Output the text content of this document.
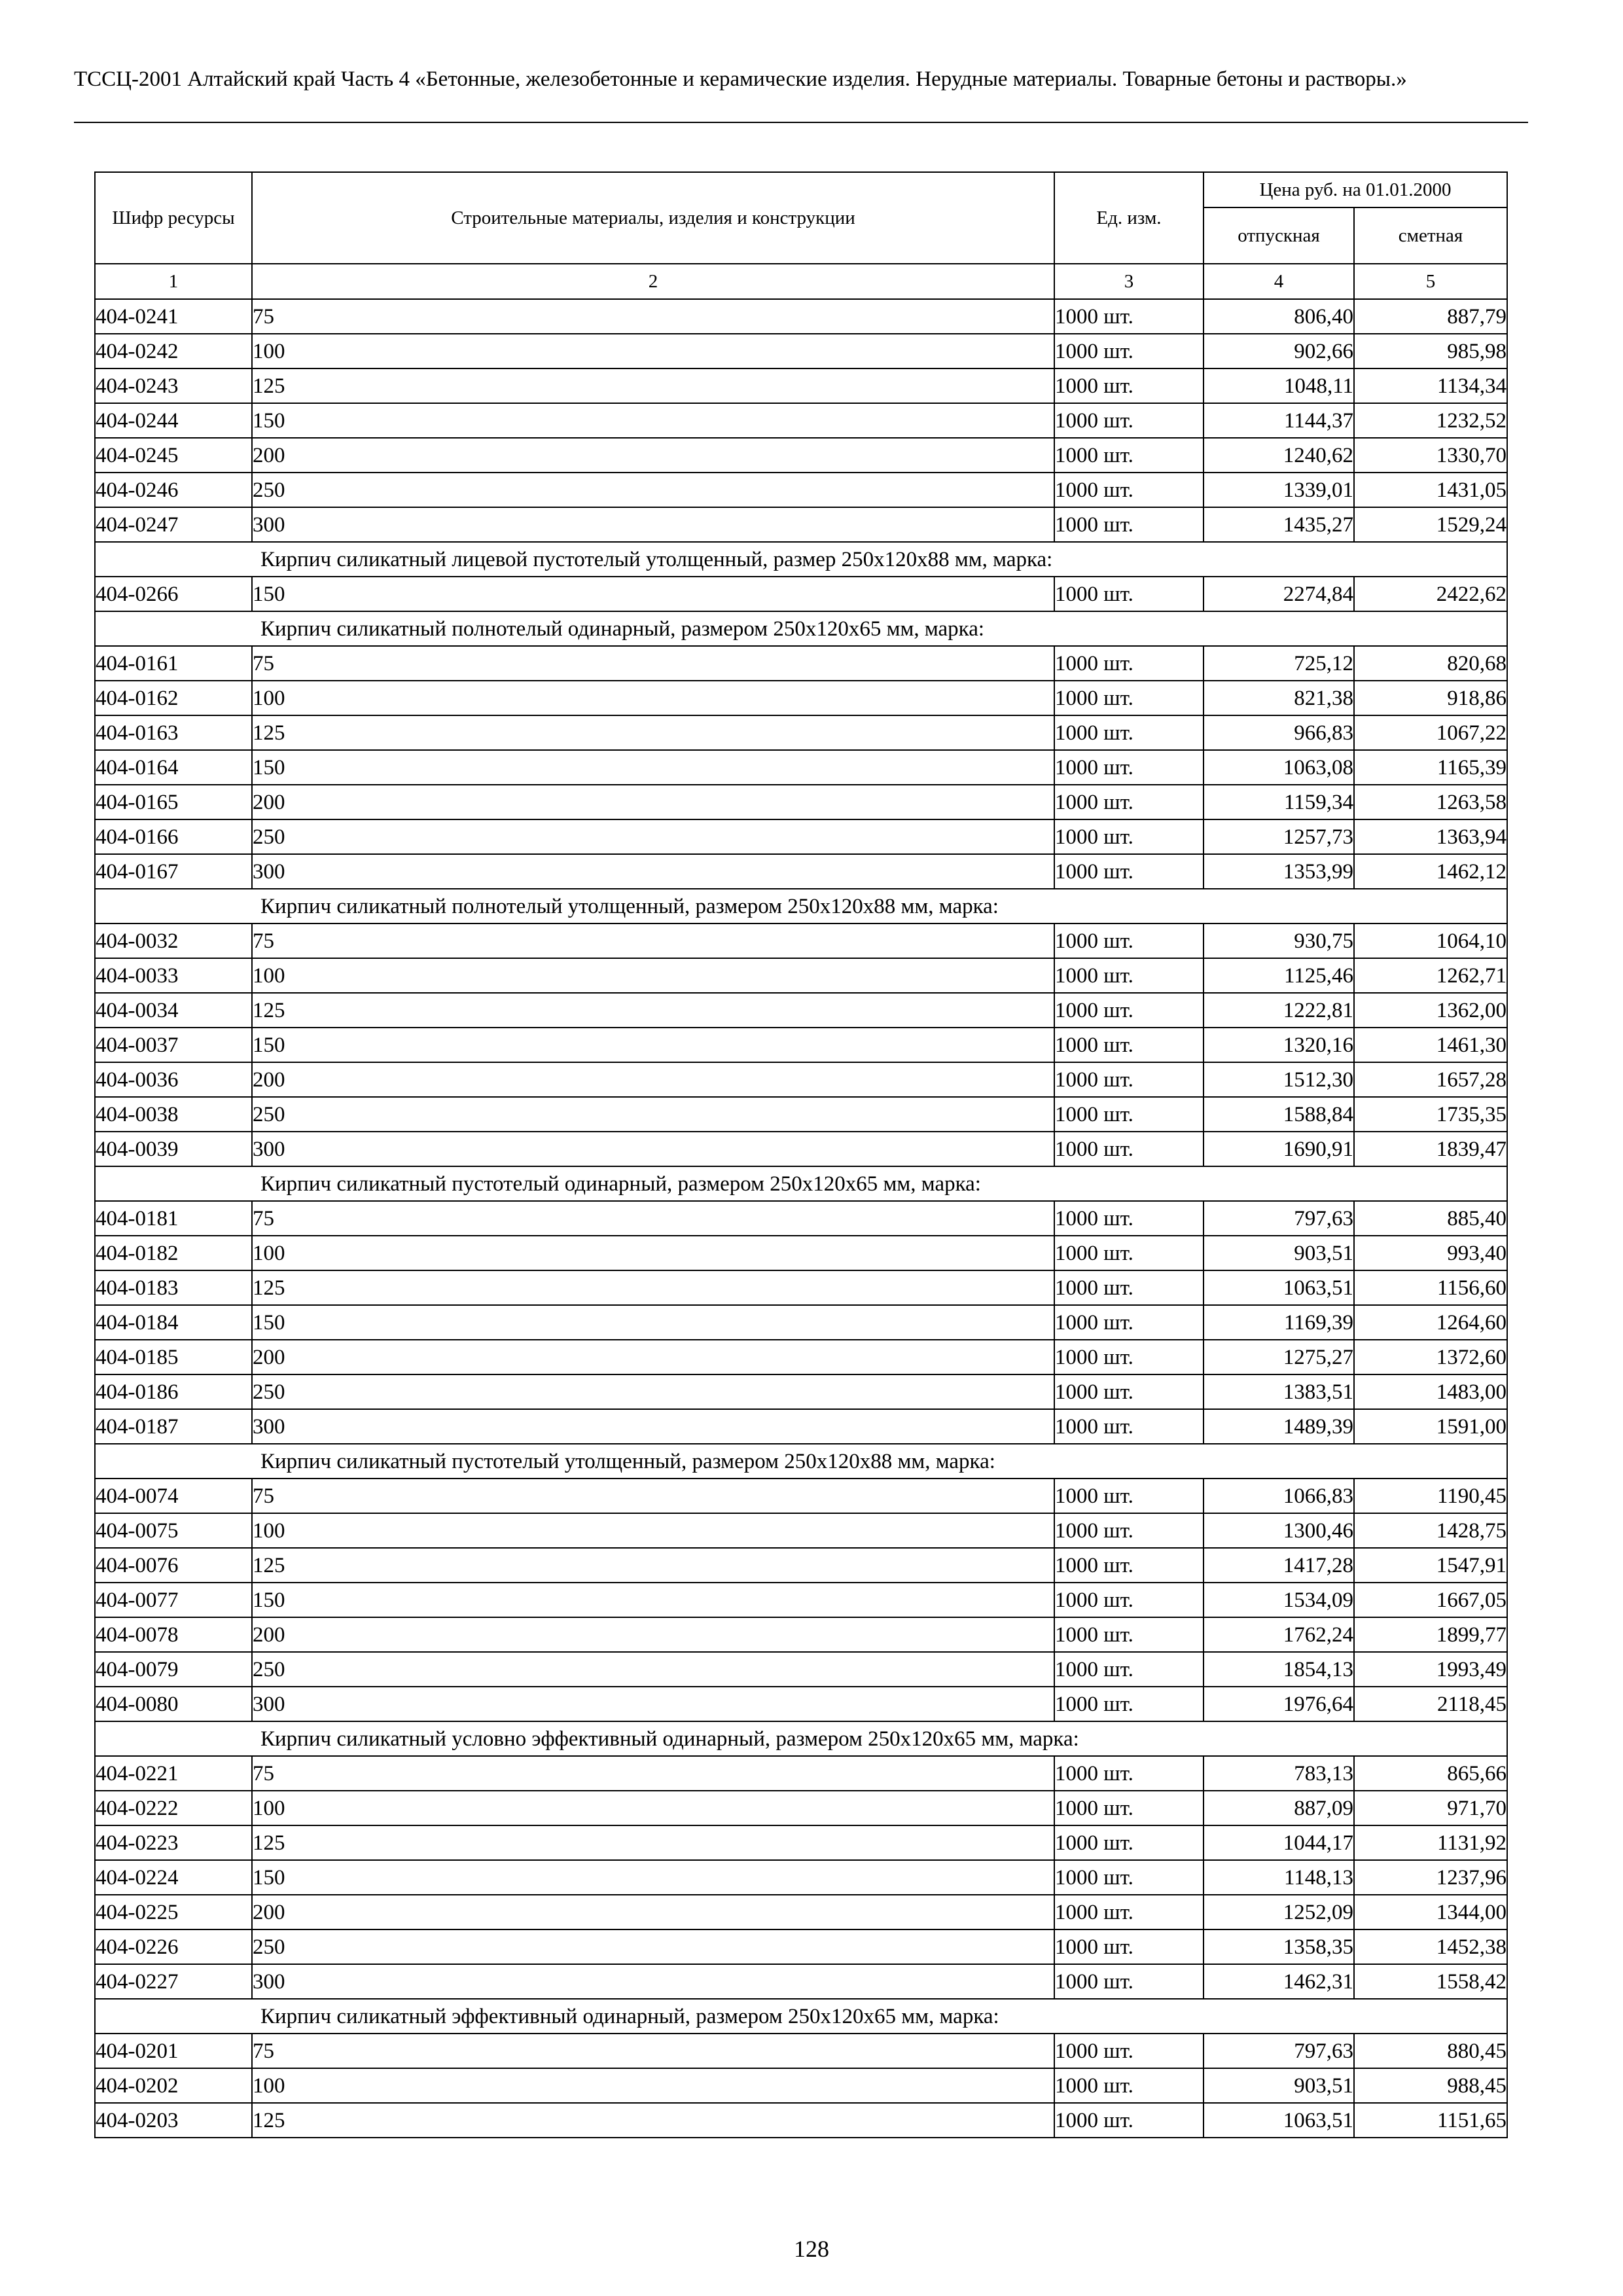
ТССЦ-2001 Алтайский край Часть 4 «Бетонные, железобетонные и керамические изделия. Нерудные материалы. Товарные бетоны и растворы.»
Шифр ресурсы	Строительные материалы, изделия и конструкции	Ед. изм.	Цена руб. на 01.01.2000	
			отпускная	сметная
1	2	3	4	5
404-0241	75	1000 шт.	806,40	887,79
404-0242	100	1000 шт.	902,66	985,98
404-0243	125	1000 шт.	1048,11	1134,34
404-0244	150	1000 шт.	1144,37	1232,52
404-0245	200	1000 шт.	1240,62	1330,70
404-0246	250	1000 шт.	1339,01	1431,05
404-0247	300	1000 шт.	1435,27	1529,24
Кирпич силикатный лицевой пустотелый утолщенный, размер 250х120х88 мм, марка:				
404-0266	150	1000 шт.	2274,84	2422,62
Кирпич силикатный полнотелый одинарный, размером 250х120х65 мм, марка:				
404-0161	75	1000 шт.	725,12	820,68
404-0162	100	1000 шт.	821,38	918,86
404-0163	125	1000 шт.	966,83	1067,22
404-0164	150	1000 шт.	1063,08	1165,39
404-0165	200	1000 шт.	1159,34	1263,58
404-0166	250	1000 шт.	1257,73	1363,94
404-0167	300	1000 шт.	1353,99	1462,12
Кирпич силикатный полнотелый утолщенный, размером 250х120х88 мм, марка:				
404-0032	75	1000 шт.	930,75	1064,10
404-0033	100	1000 шт.	1125,46	1262,71
404-0034	125	1000 шт.	1222,81	1362,00
404-0037	150	1000 шт.	1320,16	1461,30
404-0036	200	1000 шт.	1512,30	1657,28
404-0038	250	1000 шт.	1588,84	1735,35
404-0039	300	1000 шт.	1690,91	1839,47
Кирпич силикатный пустотелый одинарный, размером 250х120х65 мм, марка:				
404-0181	75	1000 шт.	797,63	885,40
404-0182	100	1000 шт.	903,51	993,40
404-0183	125	1000 шт.	1063,51	1156,60
404-0184	150	1000 шт.	1169,39	1264,60
404-0185	200	1000 шт.	1275,27	1372,60
404-0186	250	1000 шт.	1383,51	1483,00
404-0187	300	1000 шт.	1489,39	1591,00
Кирпич силикатный пустотелый утолщенный, размером 250х120х88 мм, марка:				
404-0074	75	1000 шт.	1066,83	1190,45
404-0075	100	1000 шт.	1300,46	1428,75
404-0076	125	1000 шт.	1417,28	1547,91
404-0077	150	1000 шт.	1534,09	1667,05
404-0078	200	1000 шт.	1762,24	1899,77
404-0079	250	1000 шт.	1854,13	1993,49
404-0080	300	1000 шт.	1976,64	2118,45
Кирпич силикатный условно эффективный одинарный, размером 250х120х65 мм, марка:				
404-0221	75	1000 шт.	783,13	865,66
404-0222	100	1000 шт.	887,09	971,70
404-0223	125	1000 шт.	1044,17	1131,92
404-0224	150	1000 шт.	1148,13	1237,96
404-0225	200	1000 шт.	1252,09	1344,00
404-0226	250	1000 шт.	1358,35	1452,38
404-0227	300	1000 шт.	1462,31	1558,42
Кирпич силикатный эффективный одинарный, размером 250х120х65 мм, марка:				
404-0201	75	1000 шт.	797,63	880,45
404-0202	100	1000 шт.	903,51	988,45
404-0203	125	1000 шт.	1063,51	1151,65
128
